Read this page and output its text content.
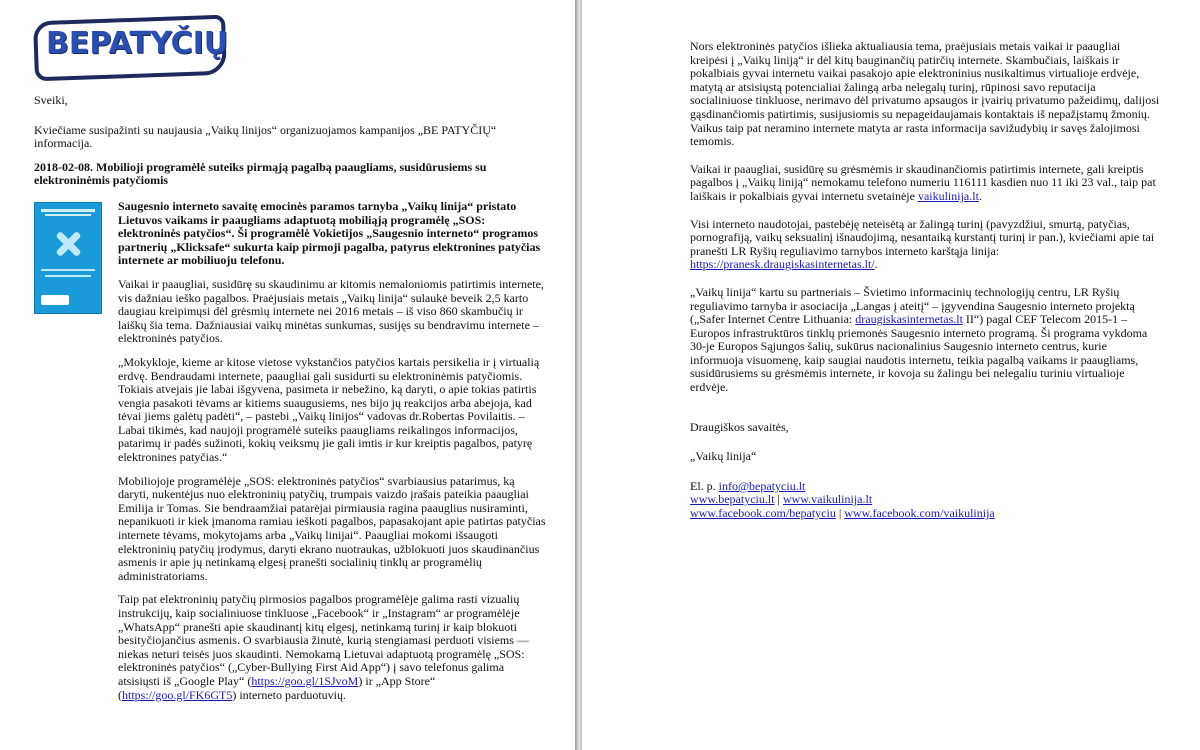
BEPATYČIŲ

Sveiki,

Kviečiame susipažinti su naujausia „Vaikų linijos“ organizuojamos kampanijos „BE PATYČIŲ“ informacija.

2018-02-08. Mobilioji programėlė suteiks pirmąją pagalbą paaugliams, susidūrusiems su elektroninėmis patyčiomis

Saugesnio interneto savaitę emocinės paramos tarnyba „Vaikų linija“ pristato Lietuvos vaikams ir paaugliams adaptuotą mobiliąją programėlę „SOS: elektroninės patyčios“. Ši programėlė Vokietijos „Saugesnio interneto“ programos partnerių „Klicksafe“ sukurta kaip pirmoji pagalba, patyrus elektronines patyčias internete ar mobiliuoju telefonu.

Vaikai ir paaugliai, susidūrę su skaudinimu ar kitomis nemaloniomis patirtimis internete, vis dažniau ieško pagalbos. Praėjusiais metais „Vaikų linija“ sulaukė beveik 2,5 karto daugiau kreipimųsi dėl grėsmių internete nei 2016 metais – iš viso 860 skambučių ir laiškų šia tema. Dažniausiai vaikų minėtas sunkumas, susijęs su bendravimu internete – elektroninės patyčios.

„Mokykloje, kieme ar kitose vietose vykstančios patyčios kartais persikelia ir į virtualią erdvę. Bendraudami internete, paaugliai gali susidurti su elektroninėmis patyčiomis. Tokiais atvejais jie labai išgyvena, pasimeta ir nebežino, ką daryti, o apie tokias patirtis vengia pasakoti tėvams ar kitiems suaugusiems, nes bijo jų reakcijos arba abejoja, kad tėvai jiems galėtų padėti“, – pastebi „Vaikų linijos“ vadovas dr.Robertas Povilaitis. – Labai tikimės, kad naujoji programėlė suteiks paaugliams reikalingos informacijos, patarimų ir padės sužinoti, kokių veiksmų jie gali imtis ir kur kreiptis pagalbos, patyrę elektronines patyčias.“

Mobiliojoje programėlėje „SOS: elektroninės patyčios“ svarbiausius patarimus, ką daryti, nukentėjus nuo elektroninių patyčių, trumpais vaizdo įrašais pateikia paaugliai Emilija ir Tomas. Sie bendraamžiai patarėjai pirmiausia ragina paauglius nusiraminti, nepanikuoti ir kiek įmanoma ramiau ieškoti pagalbos, papasakojant apie patirtas patyčias internete tėvams, mokytojams arba „Vaikų linijai“. Paaugliai mokomi išsaugoti elektroninių patyčių įrodymus, daryti ekrano nuotraukas, užblokuoti juos skaudinančius asmenis ir apie jų netinkamą elgesį pranešti socialinių tinklų ar programėlių administratoriams.

Taip pat elektroninių patyčių pirmosios pagalbos programėlėje galima rasti vizualių instrukcijų, kaip socialiniuose tinkluose „Facebook“ ir „Instagram“ ar programėlėje „WhatsApp“ pranešti apie skaudinantį kitų elgesį, netinkamą turinį ir kaip blokuoti besityčiojančius asmenis. O svarbiausia žinutė, kurią stengiamasi perduoti visiems — niekas neturi teisės juos skaudinti. Nemokamą Lietuvai adaptuotą programėlę „SOS: elektroninės patyčios“ („Cyber-Bullying First Aid App“) į savo telefonus galima atsisiųsti iš „Google Play“ (https://goo.gl/1SJvoM) ir „App Store“ (https://goo.gl/FK6GT5) interneto parduotuvių.

Nors elektroninės patyčios išlieka aktualiausia tema, praėjusiais metais vaikai ir paaugliai kreipėsi į „Vaikų liniją“ ir dėl kitų bauginančių patirčių internete. Skambučiais, laiškais ir pokalbiais gyvai internetu vaikai pasakojo apie elektroninius nusikaltimus virtualioje erdvėje, matytą ar atsisiųstą potencialiai žalingą arba nelegalų turinį, rūpinosi savo reputacija socialiniuose tinkluose, nerimavo dėl privatumo apsaugos ir įvairių privatumo pažeidimų, dalijosi gąsdinančiomis patirtimis, susijusiomis su nepageidaujamais kontaktais iš nepažįstamų žmonių. Vaikus taip pat neramino internete matyta ar rasta informacija savižudybių ir savęs žalojimosi temomis.

Vaikai ir paaugliai, susidūrę su grėsmėmis ir skaudinančiomis patirtimis internete, gali kreiptis pagalbos į „Vaikų liniją“ nemokamu telefono numeriu 116111 kasdien nuo 11 iki 23 val., taip pat laiškais ir pokalbiais gyvai internetu svetainėje vaikulinija.lt.

Visi interneto naudotojai, pastebėję neteisėtą ar žalingą turinį (pavyzdžiui, smurtą, patyčias, pornografiją, vaikų seksualinį išnaudojimą, nesantaiką kurstantį turinį ir pan.), kviečiami apie tai pranešti LR Ryšių reguliavimo tarnybos interneto karštąja linija: https://pranesk.draugiskasinternetas.lt/.

„Vaikų linija“ kartu su partneriais – Švietimo informacinių technologijų centru, LR Ryšių reguliavimo tarnyba ir asociacija „Langas į ateitį“ – įgyvendina Saugesnio interneto projektą („Safer Internet Centre Lithuania: draugiskasinternetas.lt II“) pagal CEF Telecom 2015-1 – Europos infrastruktūros tinklų priemonės Saugesnio interneto programą. Ši programa vykdoma 30-je Europos Sąjungos šalių, sukūrus nacionalinius Saugesnio interneto centrus, kurie informuoja visuomenę, kaip saugiai naudotis internetu, teikia pagalbą vaikams ir paaugliams, susidūrusiems su grėsmėmis internete, ir kovoja su žalingu bei nelegaliu turiniu virtualioje erdvėje.

Draugiškos savaitės,

„Vaikų linija“

El. p. info@bepatyciu.lt
www.bepatyciu.lt | www.vaikulinija.lt
www.facebook.com/bepatyciu | www.facebook.com/vaikulinija
